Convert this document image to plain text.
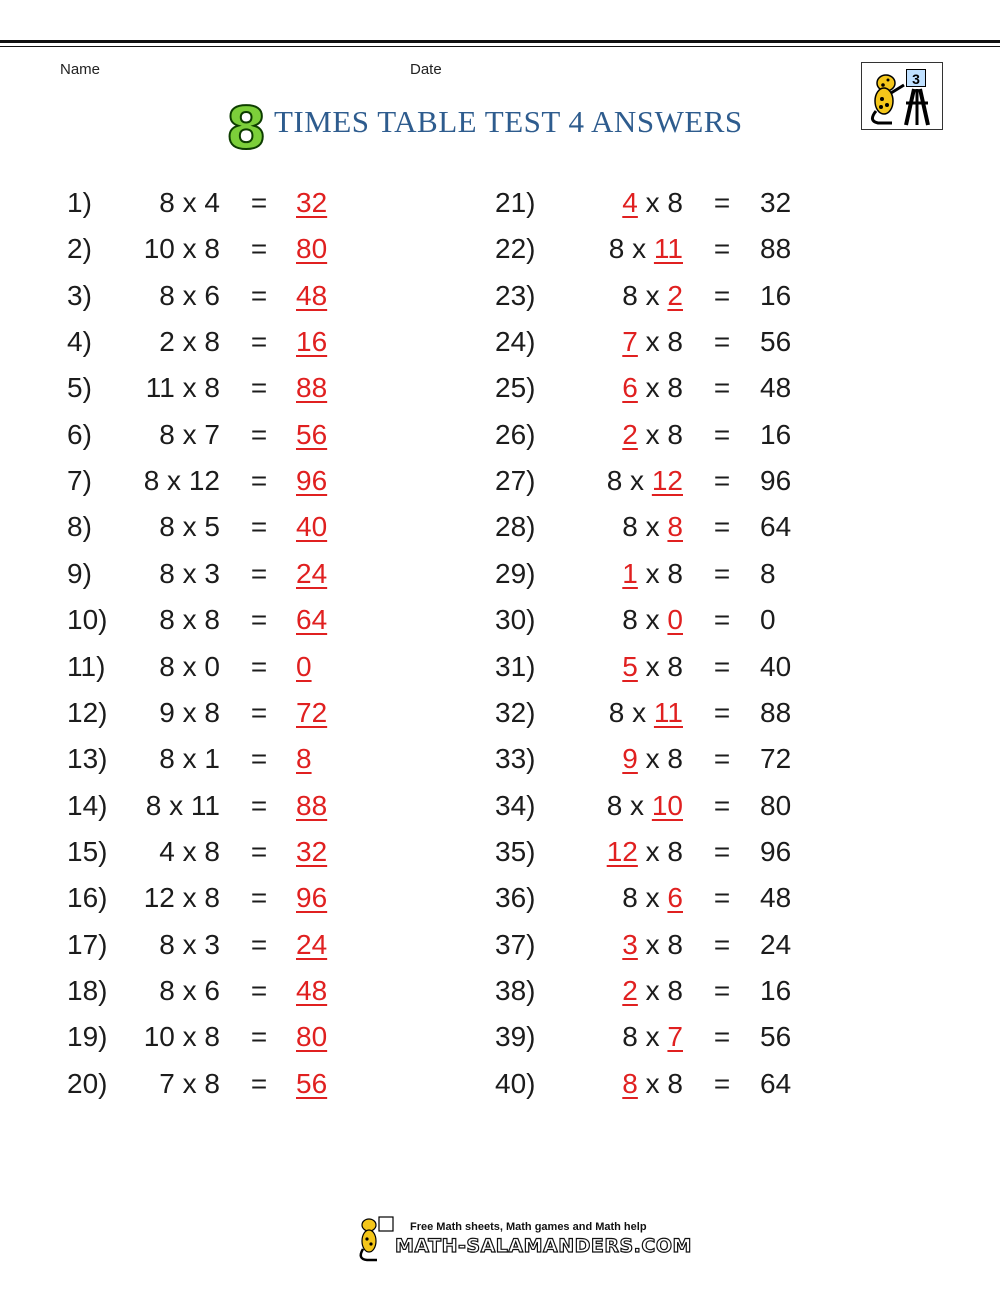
Name	Date
3
8 TIMES TABLE TEST 4 ANSWERS
1) 8 x 4 = 32
2) 10 x 8 = 80
3) 8 x 6 = 48
4) 2 x 8 = 16
5) 11 x 8 = 88
6) 8 x 7 = 56
7) 8 x 12 = 96
8) 8 x 5 = 40
9) 8 x 3 = 24
10) 8 x 8 = 64
11) 8 x 0 = 0
12) 9 x 8 = 72
13) 8 x 1 = 8
14) 8 x 11 = 88
15) 4 x 8 = 32
16) 12 x 8 = 96
17) 8 x 3 = 24
18) 8 x 6 = 48
19) 10 x 8 = 80
20) 7 x 8 = 56
21)	4 x 8 = 32
22)	8 x 11 = 88
23)	8 x 2 = 16
24)	7 x 8 = 56
25)	6 x 8 = 48
26)	2 x 8 = 16
27)	8 x 12 = 96
28)	8 x 8 = 64
29)	1 x 8 = 8
30)	8 x 0 = 0
31)	5 x 8 = 40
32)	8 x 11 = 88
33)	9 x 8 = 72
34)	8 x 10 = 80
35)	12 x 8 = 96
36)	8 x 6 = 48
37)	3 x 8 = 24
38)	2 x 8 = 16
39)	8 x 7 = 56
40)	8 x 8 = 64
Free Math sheets, Math games and Math help
MATH-SALAMANDERS.COM
